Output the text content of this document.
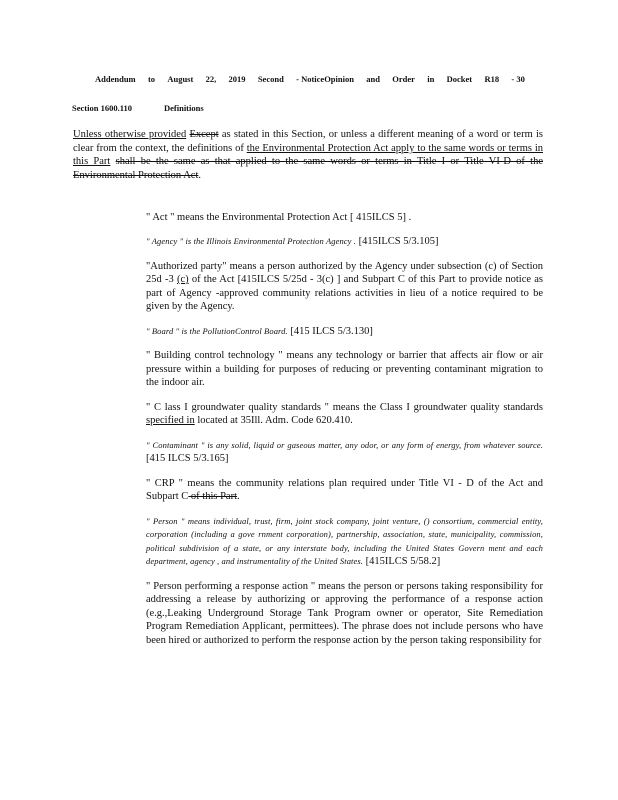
Addendum to August 22, 2019 Second - NoticeOpinion and Order in Docket R18 - 30
Section 1600.110	Definitions
Unless otherwise provided Except as stated in this Section, or unless a different meaning of a word or term is clear from the context, the definitions of the Environmental Protection Act apply to the same words or terms in this Part shall be the same as that applied to the same words or terms in Title I or Title VI-D of the Environmental Protection Act.

" Act " means the Environmental Protection Act [ 415ILCS 5] .

" Agency " is the Illinois Environmental Protection Agency . [415ILCS 5/3.105]

"Authorized party" means a person authorized by the Agency under subsection (c) of Section 25d -3 (c) of the Act [415ILCS 5/25d - 3(c) ] and Subpart C of this Part to provide notice as part of Agency -approved community relations activities in lieu of a notice required to be given by the Agency.

" Board " is the PollutionControl Board. [415 ILCS 5/3.130]

" Building control technology " means any technology or barrier that affects air flow or air pressure within a building for purposes of reducing or preventing contaminant migration to the indoor air.

" C lass I groundwater quality standards " means the Class I groundwater quality standards specified in located at 35Ill. Adm. Code 620.410.

" Contaminant " is any solid, liquid or gaseous matter, any odor, or any form of energy, from whatever source. [415 ILCS 5/3.165]

" CRP " means the community relations plan required under Title VI - D of the Act and Subpart C of this Part.

" Person " means individual, trust, firm, joint stock company, joint venture, () consortium, commercial entity, corporation (including a gove rnment corporation), partnership, association, state, municipality, commission, political subdivision of a state, or any interstate body, including the United States Govern ment and each department, agency , and instrumentality of the United States. [415ILCS 5/58.2]

" Person performing a response action " means the person or persons taking responsibility for addressing a release by authorizing or approving the performance of a response action (e.g.,Leaking Underground Storage Tank Program owner or operator, Site Remediation Program Remediation Applicant, permittees). The phrase does not include persons who have been hired or authorized to perform the response action by the person taking responsibility for
